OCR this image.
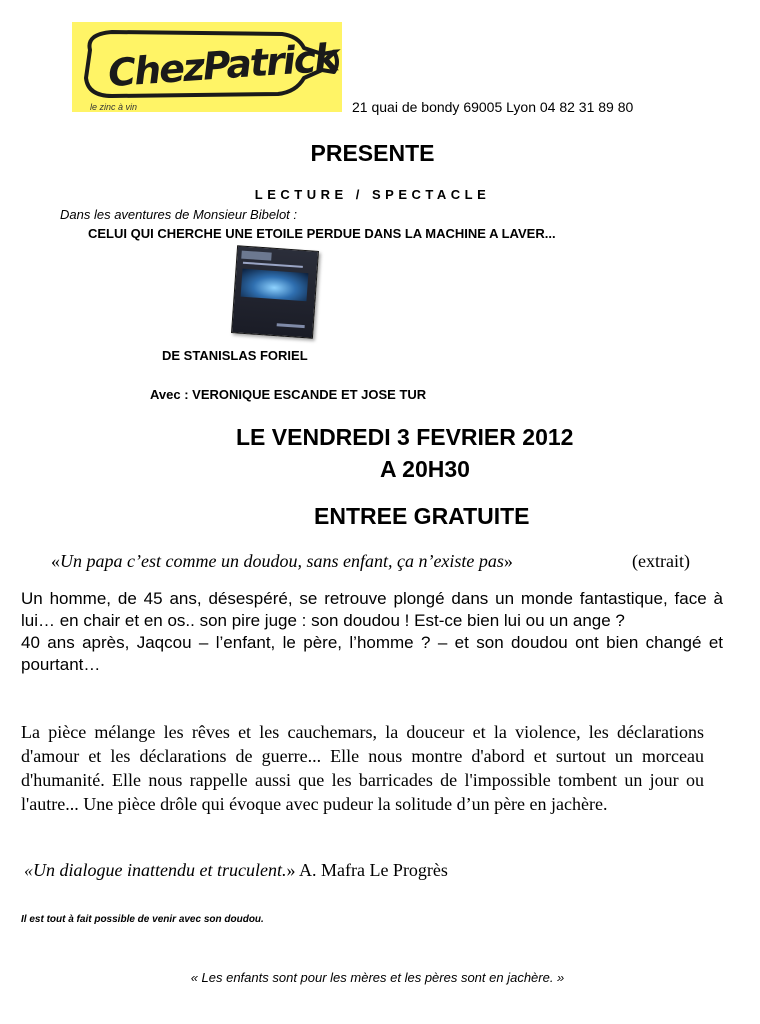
ChezPatrick
le zinc à vin	21 quai de bondy 69005 Lyon 04 82 31 89 80
PRESENTE
LECTURE / SPECTACLE
Dans les aventures de Monsieur Bibelot :
CELUI QUI CHERCHE UNE ETOILE PERDUE DANS LA MACHINE A LAVER...
DE STANISLAS FORIEL
Avec : VERONIQUE ESCANDE ET JOSE TUR
LE VENDREDI 3 FEVRIER 2012
A 20H30
ENTREE GRATUITE
«Un papa c’est comme un doudou, sans enfant, ça n’existe pas»	(extrait)
Un homme, de 45 ans, désespéré, se retrouve plongé dans un monde fantastique, face à lui… en chair et en os.. son pire juge : son doudou ! Est-ce bien lui ou un ange ?
40 ans après, Jaqcou – l’enfant, le père, l’homme ? – et son doudou ont bien changé et pourtant…

La pièce mélange les rêves et les cauchemars, la douceur et la violence, les déclarations d'amour et les déclarations de guerre... Elle nous montre d'abord et surtout un morceau d'humanité. Elle nous rappelle aussi que les barricades de l'impossible tombent un jour ou l'autre... Une pièce drôle qui évoque avec pudeur la solitude d’un père en jachère.

«Un dialogue inattendu et truculent.» A. Mafra Le Progrès
Il est tout à fait possible de venir avec son doudou.
« Les enfants sont pour les mères et les pères sont en jachère. »
